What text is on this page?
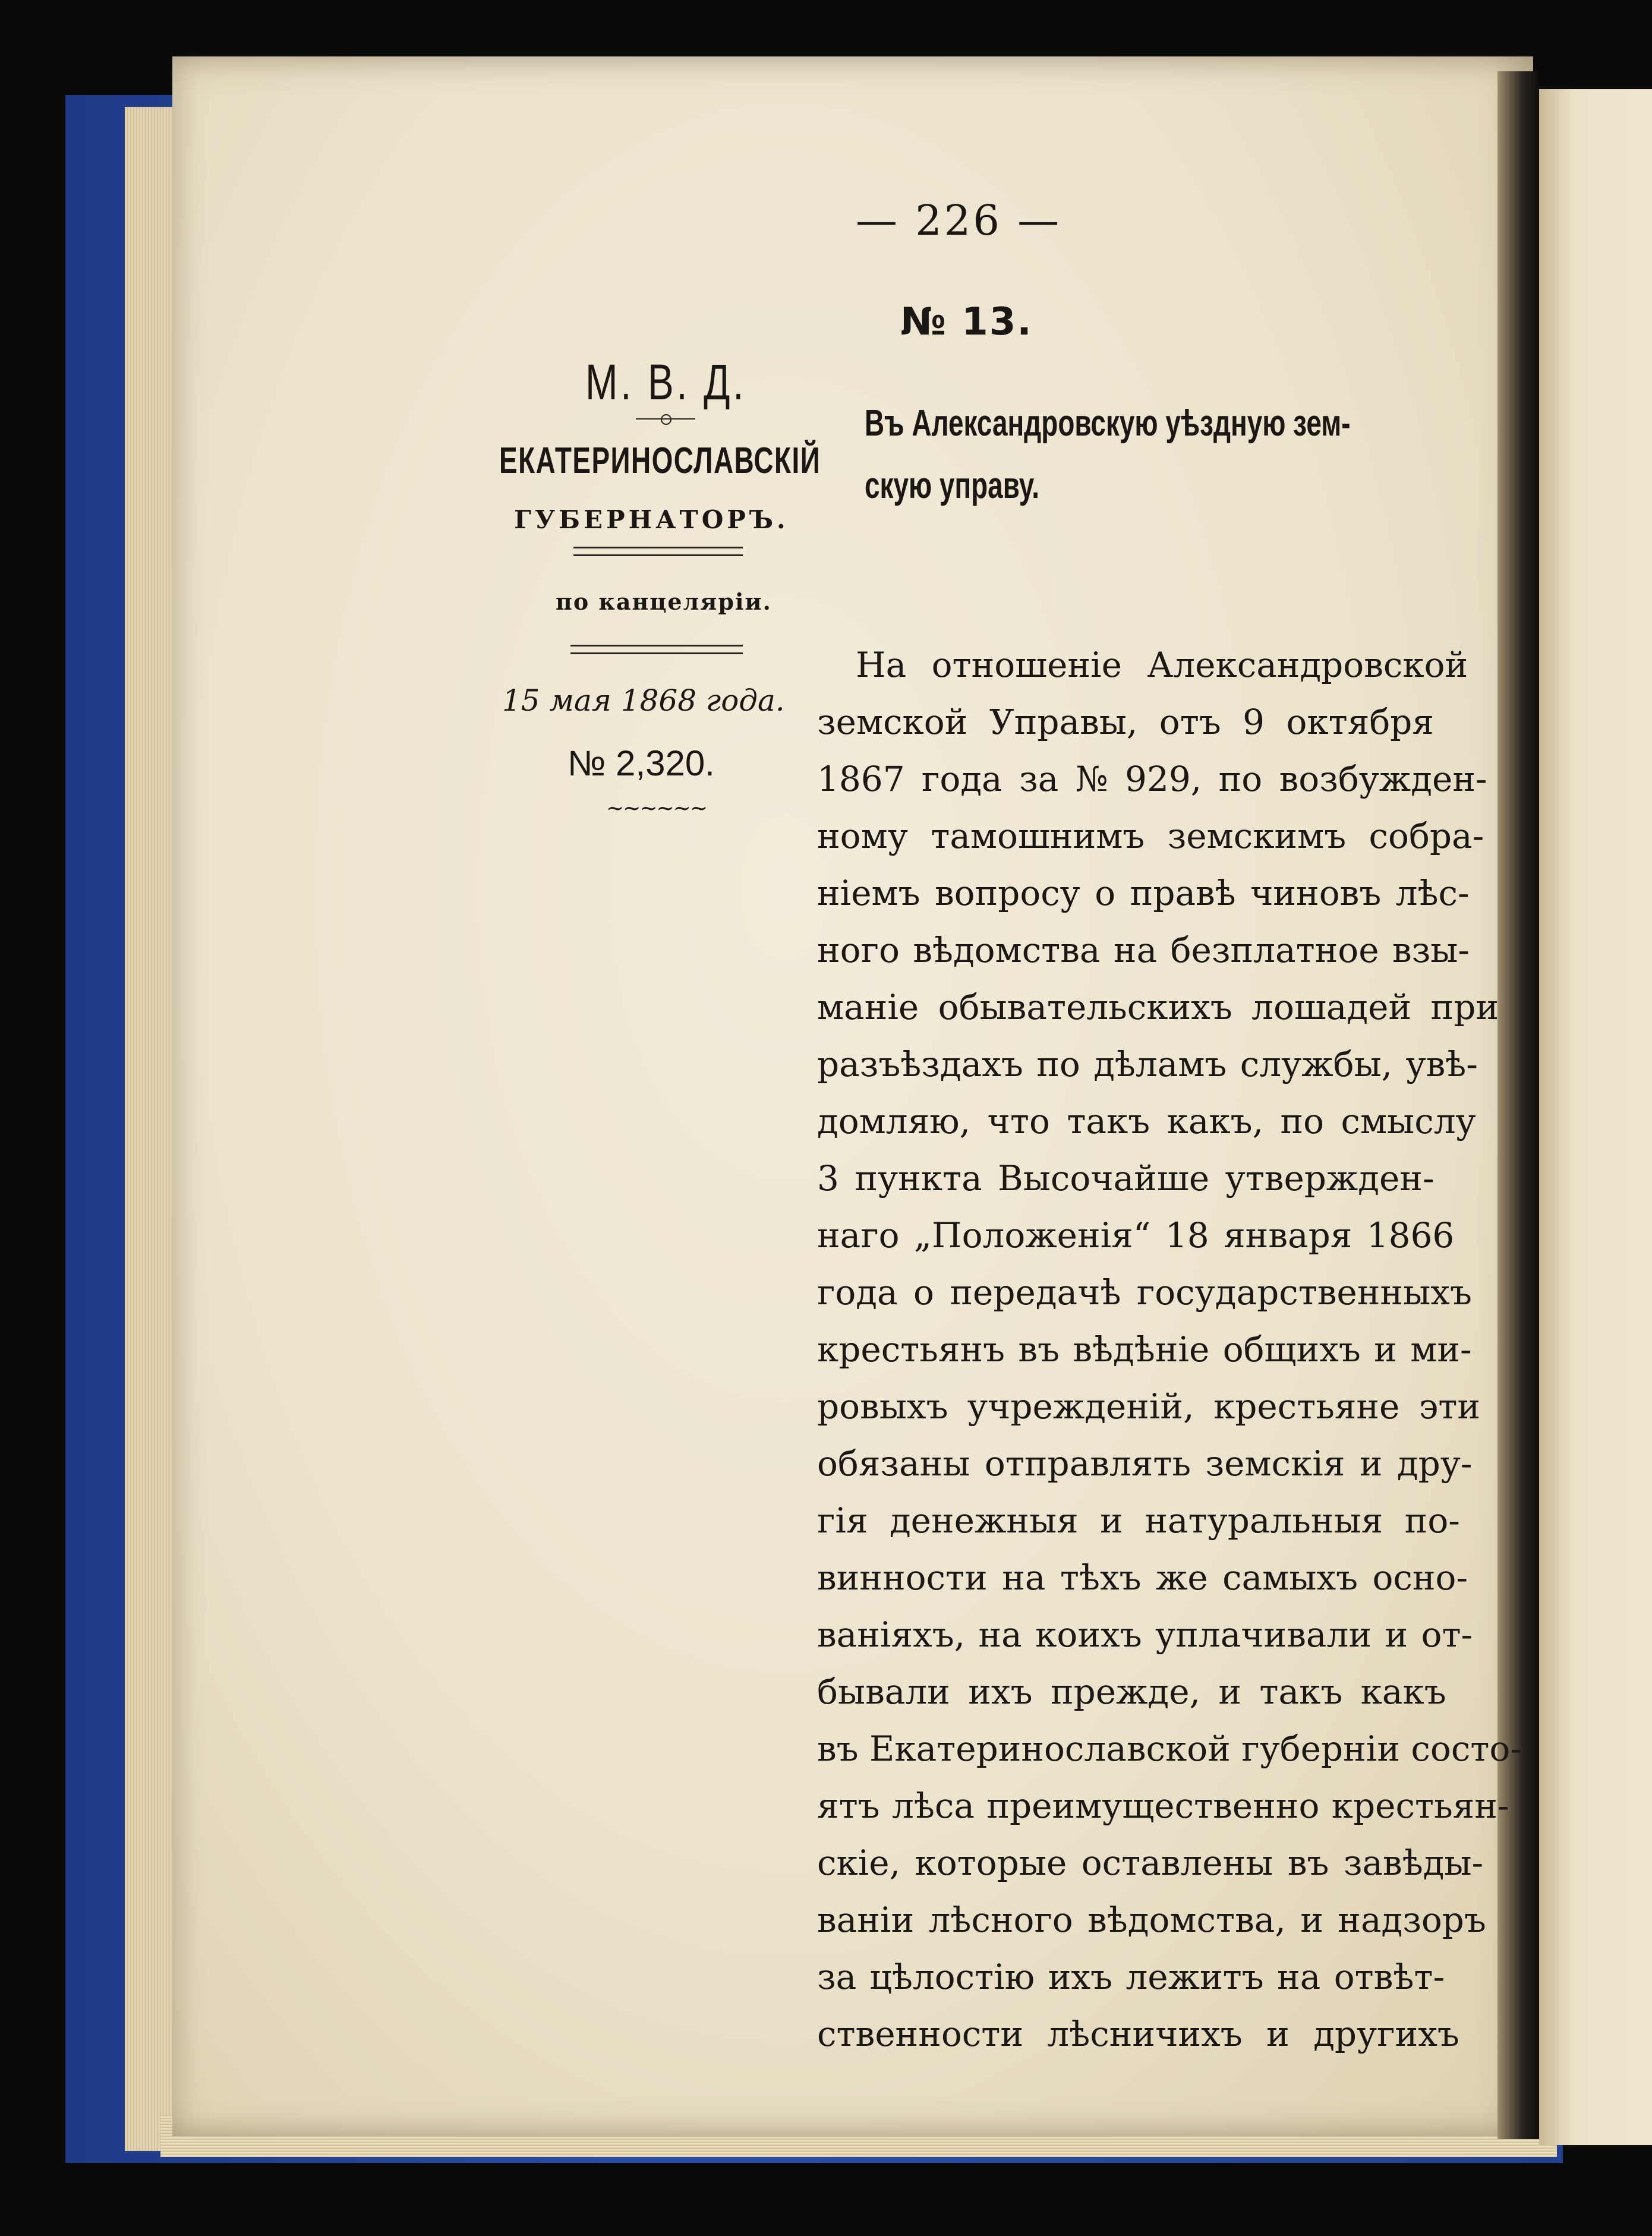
— 226 —
№ 13.
М. В. Д.
ЕКАТЕРИНОСЛАВСКІЙ
ГУБЕРНАТОРЪ.
по канцеляріи.
15 мая 1868 года.
№ 2,320.
~~~~~~
Въ Александровскую уѣздную зем-
скую управу.
На отношеніе Александровской
земской Управы, отъ 9 октября
1867 года за № 929, по возбужден-
ному тамошнимъ земскимъ собра-
ніемъ вопросу о правѣ чиновъ лѣс-
ного вѣдомства на безплатное взы-
маніе обывательскихъ лошадей при
разъѣздахъ по дѣламъ службы, увѣ-
домляю, что такъ какъ, по смыслу
3 пункта Высочайше утвержден-
наго „Положенія“ 18 января 1866
года о передачѣ государственныхъ
крестьянъ въ вѣдѣніе общихъ и ми-
ровыхъ учрежденій, крестьяне эти
обязаны отправлять земскія и дру-
гія денежныя и натуральныя по-
винности на тѣхъ же самыхъ осно-
ваніяхъ, на коихъ уплачивали и от-
бывали ихъ прежде, и такъ какъ
въ Екатеринославской губерніи состо-
ятъ лѣса преимущественно крестьян-
скіе, которые оставлены въ завѣды-
ваніи лѣсного вѣдомства, и надзоръ
за цѣлостію ихъ лежитъ на отвѣт-
ственности лѣсничихъ и другихъ
